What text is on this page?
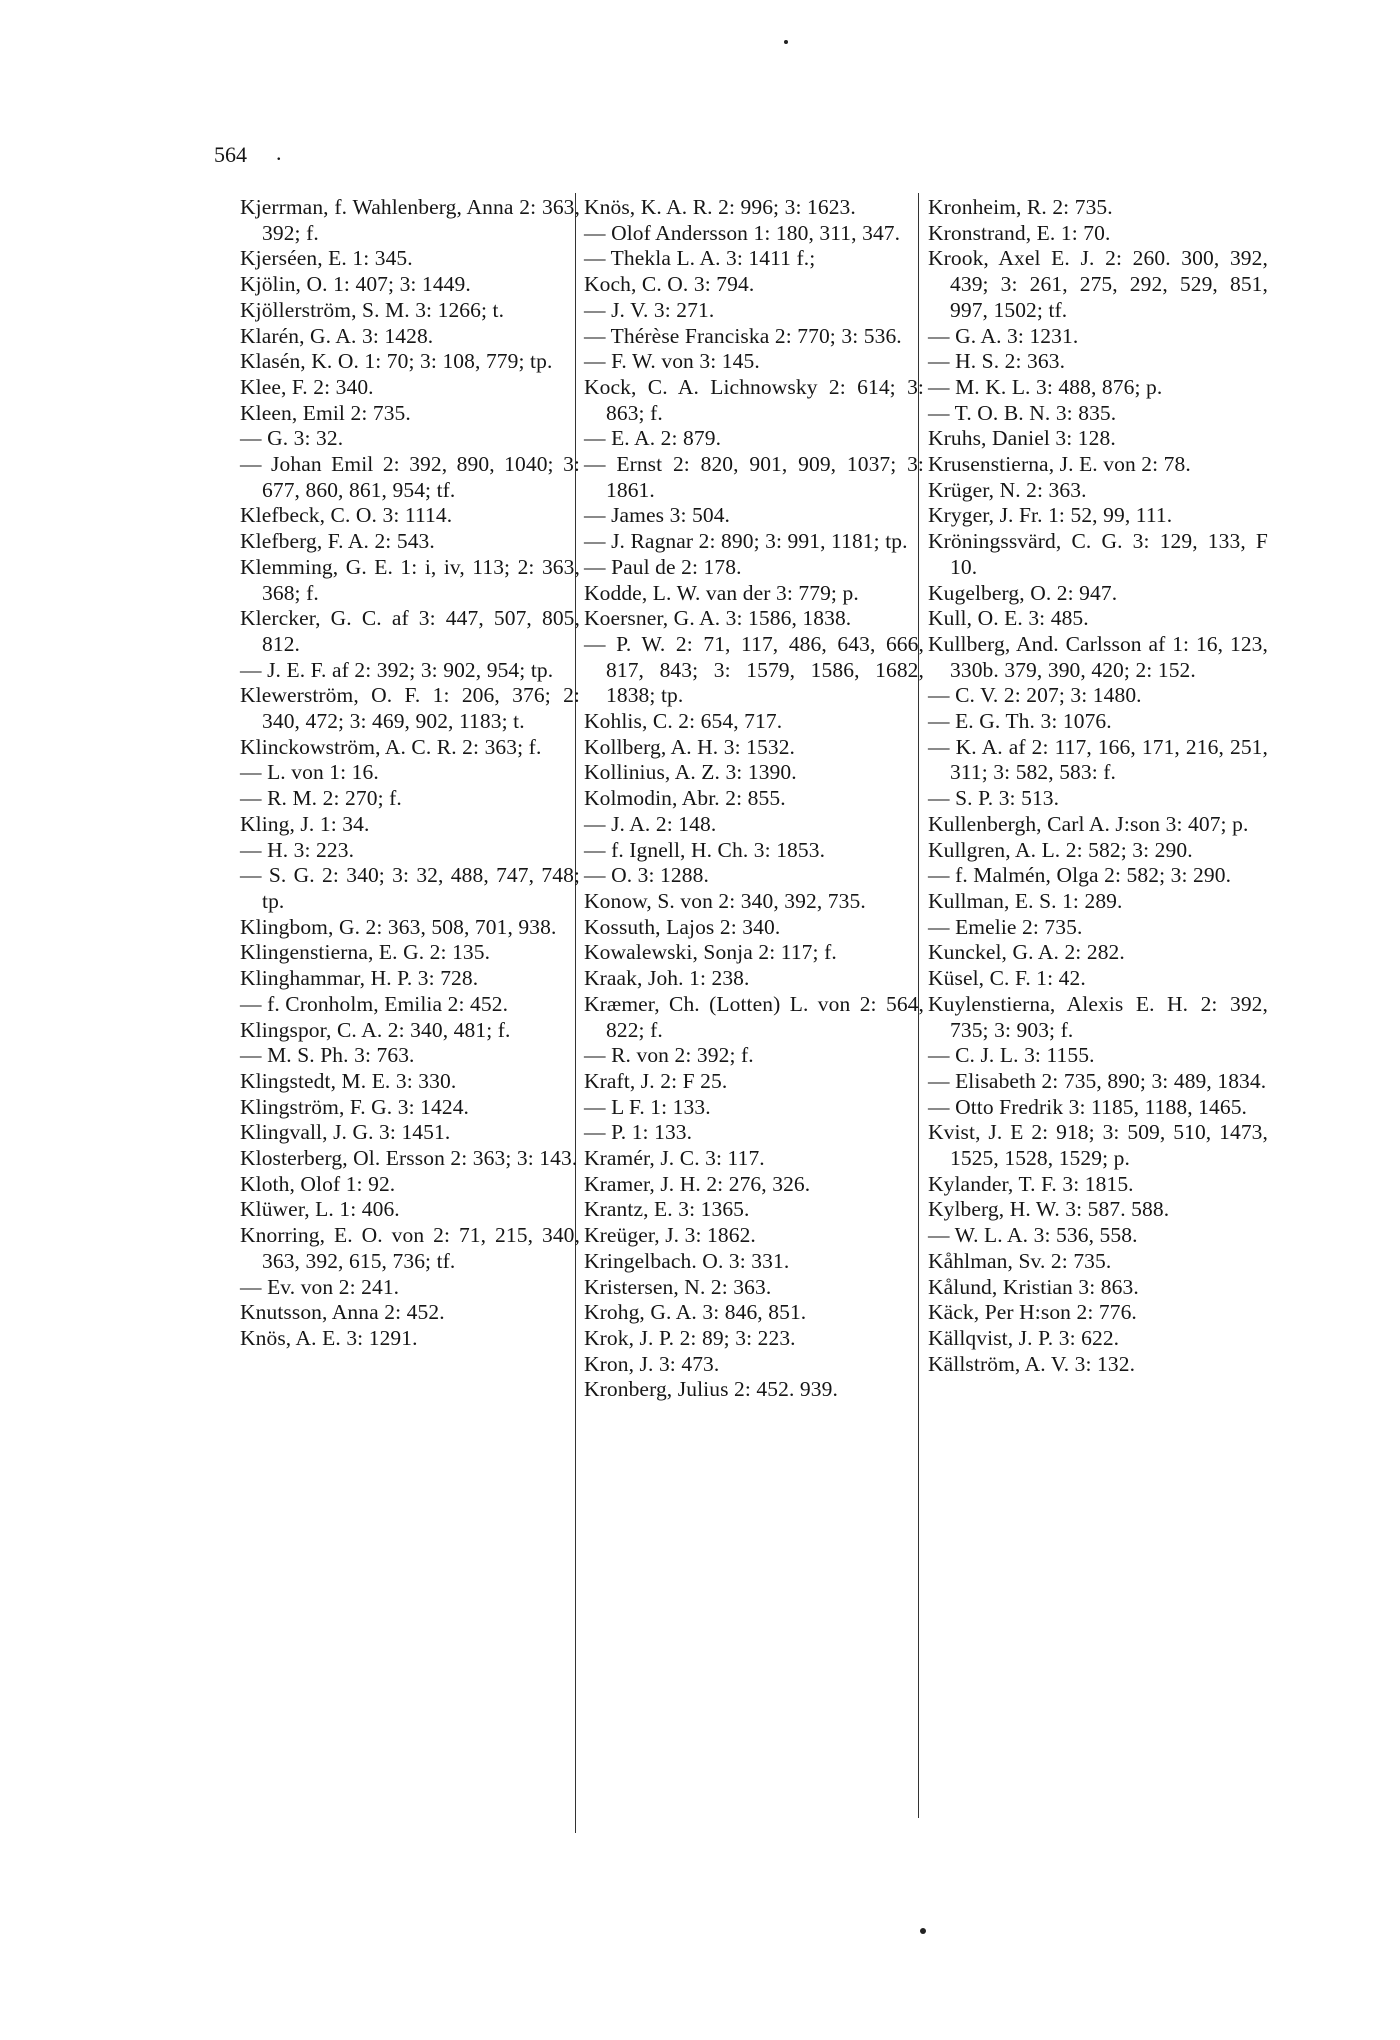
564 .
Kjerrman, f. Wahlenberg, Anna 2: 363, 392; f.
Kjerséen, E. 1: 345.
Kjölin, O. 1: 407; 3: 1449.
Kjöllerström, S. M. 3: 1266; t.
Klarén, G. A. 3: 1428.
Klasén, K. O. 1: 70; 3: 108, 779; tp.
Klee, F. 2: 340.
Kleen, Emil 2: 735.
— G. 3: 32.
— Johan Emil 2: 392, 890, 1040; 3: 677, 860, 861, 954; tf.
Klefbeck, C. O. 3: 1114.
Klefberg, F. A. 2: 543.
Klemming, G. E. 1: i, iv, 113; 2: 363, 368; f.
Klercker, G. C. af 3: 447, 507, 805, 812.
— J. E. F. af 2: 392; 3: 902, 954; tp.
Klewerström, O. F. 1: 206, 376; 2: 340, 472; 3: 469, 902, 1183; t.
Klinckowström, A. C. R. 2: 363; f.
— L. von 1: 16.
— R. M. 2: 270; f.
Kling, J. 1: 34.
— H. 3: 223.
— S. G. 2: 340; 3: 32, 488, 747, 748; tp.
Klingbom, G. 2: 363, 508, 701, 938.
Klingenstierna, E. G. 2: 135.
Klinghammar, H. P. 3: 728.
— f. Cronholm, Emilia 2: 452.
Klingspor, C. A. 2: 340, 481; f.
— M. S. Ph. 3: 763.
Klingstedt, M. E. 3: 330.
Klingström, F. G. 3: 1424.
Klingvall, J. G. 3: 1451.
Klosterberg, Ol. Ersson 2: 363; 3: 143.
Kloth, Olof 1: 92.
Klüwer, L. 1: 406.
Knorring, E. O. von 2: 71, 215, 340, 363, 392, 615, 736; tf.
— Ev. von 2: 241.
Knutsson, Anna 2: 452.
Knös, A. E. 3: 1291.
Knös, K. A. R. 2: 996; 3: 1623.
— Olof Andersson 1: 180, 311, 347.
— Thekla L. A. 3: 1411 f.;
Koch, C. O. 3: 794.
— J. V. 3: 271.
— Thérèse Franciska 2: 770; 3: 536.
— F. W. von 3: 145.
Kock, C. A. Lichnowsky 2: 614; 3: 863; f.
— E. A. 2: 879.
— Ernst 2: 820, 901, 909, 1037; 3: 1861.
— James 3: 504.
— J. Ragnar 2: 890; 3: 991, 1181; tp.
— Paul de 2: 178.
Kodde, L. W. van der 3: 779; p.
Koersner, G. A. 3: 1586, 1838.
— P. W. 2: 71, 117, 486, 643, 666, 817, 843; 3: 1579, 1586, 1682, 1838; tp.
Kohlis, C. 2: 654, 717.
Kollberg, A. H. 3: 1532.
Kollinius, A. Z. 3: 1390.
Kolmodin, Abr. 2: 855.
— J. A. 2: 148.
— f. Ignell, H. Ch. 3: 1853.
— O. 3: 1288.
Konow, S. von 2: 340, 392, 735.
Kossuth, Lajos 2: 340.
Kowalewski, Sonja 2: 117; f.
Kraak, Joh. 1: 238.
Kræmer, Ch. (Lotten) L. von 2: 564, 822; f.
— R. von 2: 392; f.
Kraft, J. 2: F 25.
— L F. 1: 133.
— P. 1: 133.
Kramér, J. C. 3: 117.
Kramer, J. H. 2: 276, 326.
Krantz, E. 3: 1365.
Kreüger, J. 3: 1862.
Kringelbach. O. 3: 331.
Kristersen, N. 2: 363.
Krohg, G. A. 3: 846, 851.
Krok, J. P. 2: 89; 3: 223.
Kron, J. 3: 473.
Kronberg, Julius 2: 452. 939.
Kronheim, R. 2: 735.
Kronstrand, E. 1: 70.
Krook, Axel E. J. 2: 260. 300, 392, 439; 3: 261, 275, 292, 529, 851, 997, 1502; tf.
— G. A. 3: 1231.
— H. S. 2: 363.
— M. K. L. 3: 488, 876; p.
— T. O. B. N. 3: 835.
Kruhs, Daniel 3: 128.
Krusenstierna, J. E. von 2: 78.
Krüger, N. 2: 363.
Kryger, J. Fr. 1: 52, 99, 111.
Kröningssvärd, C. G. 3: 129, 133, F 10.
Kugelberg, O. 2: 947.
Kull, O. E. 3: 485.
Kullberg, And. Carlsson af 1: 16, 123, 330b. 379, 390, 420; 2: 152.
— C. V. 2: 207; 3: 1480.
— E. G. Th. 3: 1076.
— K. A. af 2: 117, 166, 171, 216, 251, 311; 3: 582, 583: f.
— S. P. 3: 513.
Kullenbergh, Carl A. J:son 3: 407; p.
Kullgren, A. L. 2: 582; 3: 290.
— f. Malmén, Olga 2: 582; 3: 290.
Kullman, E. S. 1: 289.
— Emelie 2: 735.
Kunckel, G. A. 2: 282.
Küsel, C. F. 1: 42.
Kuylenstierna, Alexis E. H. 2: 392, 735; 3: 903; f.
— C. J. L. 3: 1155.
— Elisabeth 2: 735, 890; 3: 489, 1834.
— Otto Fredrik 3: 1185, 1188, 1465.
Kvist, J. E 2: 918; 3: 509, 510, 1473, 1525, 1528, 1529; p.
Kylander, T. F. 3: 1815.
Kylberg, H. W. 3: 587. 588.
— W. L. A. 3: 536, 558.
Kåhlman, Sv. 2: 735.
Kålund, Kristian 3: 863.
Käck, Per H:son 2: 776.
Källqvist, J. P. 3: 622.
Källström, A. V. 3: 132.
